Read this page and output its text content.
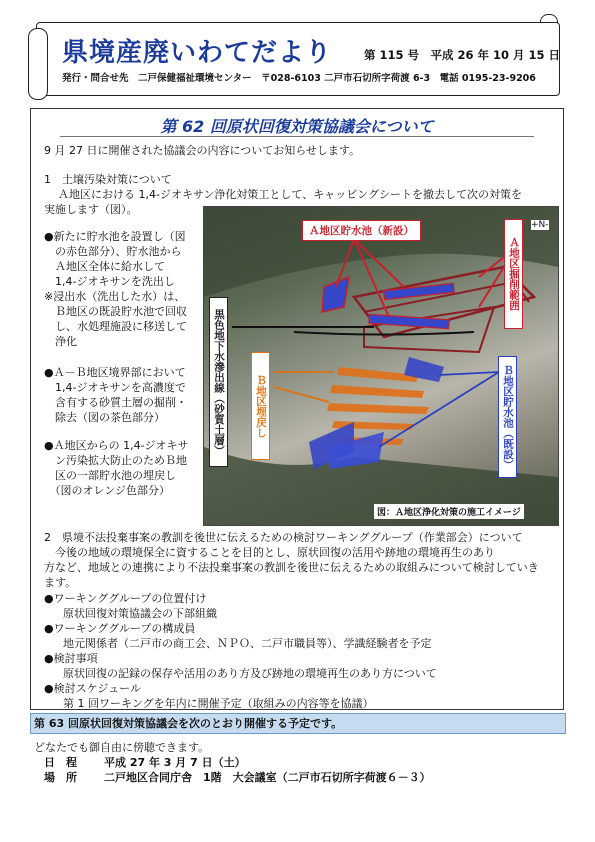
県境産廃いわてだより	第 115 号　平成 26 年 10 月 15 日
発行・問合せ先　二戸保健福祉環境センター　〒028-6103 二戸市石切所字荷渡 6-3　電話 0195-23-9206
第 62 回原状回復対策協議会について
9 月 27 日に開催された協議会の内容についてお知らせします。
1　土壌汚染対策について
Ａ地区における 1,4-ジオキサン浄化対策工として、キャッピングシートを撤去して次の対策を
実施します（図）。
●新たに貯水池を設置し（図
　の赤色部分）、貯水池から
　Ａ地区全体に給水して
　1,4-ジオキサンを洗出し
※浸出水（洗出した水）は、
　Ｂ地区の既設貯水池で回収
　し、水処理施設に移送して
　浄化
●Ａ－Ｂ地区境界部において
　1,4-ジオキサンを高濃度で
　含有する砂質土層の掘削・
　除去（図の茶色部分）
●Ａ地区からの 1,4-ジオキサ
　ン汚染拡大防止のためＢ地
　区の一部貯水池の埋戻し
　（図のオレンジ色部分）
Ａ地区貯水池（新設）
Ａ地区掘削範囲
黒色地下水滲出線（砂質土層）	Ｂ地区埋戻し	Ｂ地区貯水池（既設）
+N-
図：Ａ地区浄化対策の施工イメージ
2　県境不法投棄事案の教訓を後世に伝えるための検討ワーキンググループ（作業部会）について
　今後の地域の環境保全に資することを目的とし、原状回復の活用や跡地の環境再生のあり
方など、地域との連携により不法投棄事案の教訓を後世に伝えるための取組みについて検討していき
ます。
●ワーキンググループの位置付け
　原状回復対策協議会の下部組織
●ワーキンググループの構成員
　地元関係者（二戸市の商工会、ＮＰＯ、二戸市職員等）、学識経験者を予定
●検討事項
　原状回復の記録の保存や活用のあり方及び跡地の環境再生のあり方について
●検討スケジュール
　第 1 回ワーキングを年内に開催予定（取組みの内容等を協議）
第 63 回原状回復対策協議会を次のとおり開催する予定です。
どなたでも御自由に傍聴できます。
日　程 平成 27 年 3 月 7 日（土）
場　所 二戸地区合同庁舎　1階　大会議室（二戸市石切所字荷渡６－３）
